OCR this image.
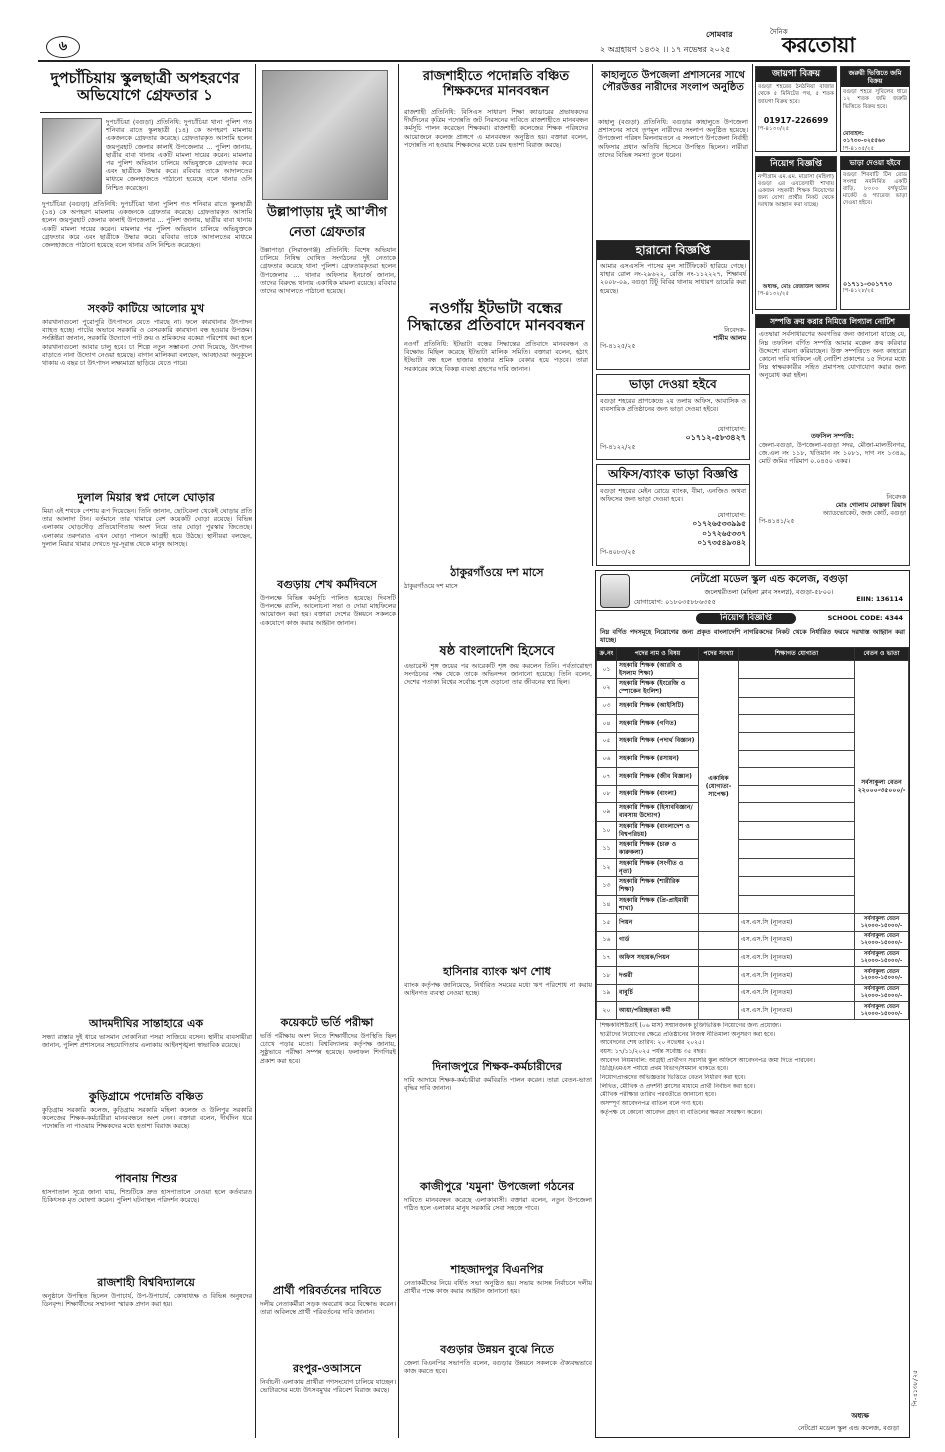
৬
সোমবার
২ অগ্রহায়ণ ১৪৩২ ।। ১৭ নভেম্বর ২০২৫
দৈনিক
করতোয়া
দুপচাঁচিয়ায় স্কুলছাত্রী অপহরণের অভিযোগে গ্রেফতার ১
দুপচাঁচিয়া (বগুড়া) প্রতিনিধি: দুপচাঁচিয়া থানা পুলিশ গত শনিবার রাতে স্কুলছাত্রী (১৪) কে অপহরণ মামলায় একজনকে গ্রেফতার করেছে। গ্রেফতারকৃত আসামি হলেন জয়পুরহাট জেলার কালাই উপজেলার ... পুলিশ জানায়, ছাত্রীর বাবা থানায় একটি মামলা দায়ের করেন। মামলার পর পুলিশ অভিযান চালিয়ে অভিযুক্তকে গ্রেফতার করে এবং ছাত্রীকে উদ্ধার করে। রবিবার তাকে আদালতের মাধ্যমে জেলহাজতে পাঠানো হয়েছে বলে থানার ওসি নিশ্চিত করেছেন।
দুপচাঁচিয়া (বগুড়া) প্রতিনিধি: দুপচাঁচিয়া থানা পুলিশ গত শনিবার রাতে স্কুলছাত্রী (১৪) কে অপহরণ মামলায় একজনকে গ্রেফতার করেছে। গ্রেফতারকৃত আসামি হলেন জয়পুরহাট জেলার কালাই উপজেলার ... পুলিশ জানায়, ছাত্রীর বাবা থানায় একটি মামলা দায়ের করেন। মামলার পর পুলিশ অভিযান চালিয়ে অভিযুক্তকে গ্রেফতার করে এবং ছাত্রীকে উদ্ধার করে। রবিবার তাকে আদালতের মাধ্যমে জেলহাজতে পাঠানো হয়েছে বলে থানার ওসি নিশ্চিত করেছেন।
সংকট কাটিয়ে আলোর মুখ
কারখানাগুলো পুরোপুরি উৎপাদনে যেতে পারছে না। ফলে কারখানার উৎপাদন ব্যাহত হচ্ছে। পাটের অভাবে সরকারি ও বেসরকারি কারখানা বন্ধ হওয়ার উপক্রম। সংশ্লিষ্টরা জানান, সরকারি উদ্যোগে পাট ক্রয় ও শ্রমিকদের বকেয়া পরিশোধ করা হলে কারখানাগুলো আবার চালু হবে। চা শিল্পে নতুন সম্ভাবনা দেখা দিয়েছে, উৎপাদন বাড়াতে নানা উদ্যোগ নেওয়া হয়েছে। বাগান মালিকরা বলছেন, আবহাওয়া অনুকূলে থাকায় এ বছর চা উৎপাদন লক্ষ্যমাত্রা ছাড়িয়ে যেতে পারে।
দুলাল মিয়ার স্বপ্ন দোলে ঘোড়ার
মিয়া এই শখকে পেশায় রূপ দিয়েছেন। তিনি জানান, ছোটবেলা থেকেই ঘোড়ার প্রতি তার আলাদা টান। বর্তমানে তার খামারে বেশ কয়েকটি ঘোড়া রয়েছে। বিভিন্ন এলাকায় ঘোড়দৌড় প্রতিযোগিতায় অংশ নিয়ে তার ঘোড়া পুরস্কার জিতেছে। এলাকার তরুণরাও এখন ঘোড়া পালনে আগ্রহী হয়ে উঠছে। স্থানীয়রা বলছেন, দুলাল মিয়ার খামার দেখতে দূর-দূরান্ত থেকে মানুষ আসছে।
আদমদীঘির সান্তাহারে এক
সন্ধ্যা রাস্তার দুই ধারে ভাসমান দোকানিরা পসরা সাজিয়ে বসেন। স্থানীয় ব্যবসায়ীরা জানান, পুলিশ প্রশাসনের সহযোগিতায় এলাকায় আইনশৃঙ্খলা স্বাভাবিক রয়েছে।
কুড়িগ্রামে পদোন্নতি বঞ্চিত
কুড়িগ্রাম সরকারি কলেজ, কুড়িগ্রাম সরকারি মহিলা কলেজ ও উলিপুর সরকারি কলেজের শিক্ষক-কর্মচারীরা মানববন্ধনে অংশ নেন। বক্তারা বলেন, দীর্ঘদিন ধরে পদোন্নতি না পাওয়ায় শিক্ষকদের মধ্যে হতাশা বিরাজ করছে।
পাবনায় শিশুর
হাসপাতাল সূত্রে জানা যায়, শিশুটিকে দ্রুত হাসপাতালে নেওয়া হলে কর্তব্যরত চিকিৎসক মৃত ঘোষণা করেন। পুলিশ ঘটনাস্থল পরিদর্শন করেছে।
রাজশাহী বিশ্ববিদ্যালয়ে
অনুষ্ঠানে উপস্থিত ছিলেন উপাচার্য, উপ-উপাচার্য, কোষাধ্যক্ষ ও বিভিন্ন অনুষদের ডিনবৃন্দ। শিক্ষার্থীদের সম্মাননা স্মারক প্রদান করা হয়।
উল্লাপাড়ায় দুই আ'লীগ
নেতা গ্রেফতার
উল্লাপাড়া (সিরাজগঞ্জ) প্রতিনিধি: বিশেষ অভিযান চালিয়ে নিষিদ্ধ ঘোষিত সংগঠনের দুই নেতাকে গ্রেফতার করেছে থানা পুলিশ। গ্রেফতারকৃতরা হলেন উপজেলার ... থানার অফিসার ইনচার্জ জানান, তাদের বিরুদ্ধে থানায় একাধিক মামলা রয়েছে। রবিবার তাদের আদালতে পাঠানো হয়েছে।
বগুড়ায় শেখ কর্মদিবসে
উপলক্ষে বিভিন্ন কর্মসূচি পালিত হয়েছে। দিবসটি উপলক্ষে র‍্যালি, আলোচনা সভা ও দোয়া মাহফিলের আয়োজন করা হয়। বক্তারা দেশের উন্নয়নে সকলকে একযোগে কাজ করার আহ্বান জানান।
কয়েকটে ভর্তি পরীক্ষা
ভর্তি পরীক্ষায় অংশ নিতে শিক্ষার্থীদের উপস্থিতি ছিল চোখে পড়ার মতো। বিশ্ববিদ্যালয় কর্তৃপক্ষ জানায়, সুষ্ঠুভাবে পরীক্ষা সম্পন্ন হয়েছে। ফলাফল শিগগিরই প্রকাশ করা হবে।
প্রার্থী পরিবর্তনের দাবিতে
দলীয় নেতাকর্মীরা সড়ক অবরোধ করে বিক্ষোভ করেন। তারা অবিলম্বে প্রার্থী পরিবর্তনের দাবি জানান।
রংপুর-ওআসনে
নির্বাচনী এলাকায় প্রার্থীরা গণসংযোগ চালিয়ে যাচ্ছেন। ভোটারদের মধ্যে উৎসবমুখর পরিবেশ বিরাজ করছে।
রাজশাহীতে পদোন্নতি বঞ্চিত শিক্ষকদের মানববন্ধন
রাজশাহী প্রতিনিধি: বিসিএস সাধারণ শিক্ষা ক্যাডারের প্রভাষকদের দীর্ঘদিনের কৃত্রিম পদোন্নতি জট নিরসনের দাবিতে রাজশাহীতে মানববন্ধন কর্মসূচি পালন করেছেন শিক্ষকরা। রাজশাহী কলেজের শিক্ষক পরিষদের আয়োজনে কলেজ প্রাঙ্গণে এ মানববন্ধন অনুষ্ঠিত হয়। বক্তারা বলেন, পদোন্নতি না হওয়ায় শিক্ষকদের মধ্যে চরম হতাশা বিরাজ করছে।
নওগাঁয় ইটভাটা বন্ধের সিদ্ধান্তের প্রতিবাদে মানববন্ধন
নওগাঁ প্রতিনিধি: ইটভাটা বন্ধের সিদ্ধান্তের প্রতিবাদে মানববন্ধন ও বিক্ষোভ মিছিল করেছে ইটভাটা মালিক সমিতি। বক্তারা বলেন, হঠাৎ ইটভাটা বন্ধ হলে হাজার হাজার শ্রমিক বেকার হয়ে পড়বে। তারা সরকারের কাছে বিকল্প ব্যবস্থা গ্রহণের দাবি জানান।
ঠাকুরগাঁওয়ে দশ মাসে
ঠাকুরগাঁওয়ে দশ মাসে
ষষ্ঠ বাংলাদেশি হিসেবে
এভারেস্ট শৃঙ্গ জয়ের পর আরেকটি শৃঙ্গ জয় করলেন তিনি। পর্বতারোহণ সংগঠনের পক্ষ থেকে তাকে অভিনন্দন জানানো হয়েছে। তিনি বলেন, দেশের পতাকা বিশ্বের সর্বোচ্চ শৃঙ্গে ওড়ানো তার জীবনের স্বপ্ন ছিল।
হাসিনার ব্যাংক ঋণ শোধ
ব্যাংক কর্তৃপক্ষ জানিয়েছে, নির্ধারিত সময়ের মধ্যে ঋণ পরিশোধ না করায় আইনগত ব্যবস্থা নেওয়া হচ্ছে।
দিনাজপুরে শিক্ষক-কর্মচারীদের
দাবি আদায়ে শিক্ষক-কর্মচারীরা কর্মবিরতি পালন করেন। তারা বেতন-ভাতা বৃদ্ধির দাবি জানান।
কাজীপুরে 'যমুনা' উপজেলা গঠনের
দাবিতে মানববন্ধন করেছে এলাকাবাসী। বক্তারা বলেন, নতুন উপজেলা গঠিত হলে এলাকার মানুষ সরকারি সেবা সহজে পাবে।
শাহজাদপুর বিএনপির
নেতাকর্মীদের নিয়ে বর্ধিত সভা অনুষ্ঠিত হয়। সভায় আসন্ন নির্বাচনে দলীয় প্রার্থীর পক্ষে কাজ করার আহ্বান জানানো হয়।
বগুড়ার উন্নয়ন বুঝে নিতে
জেলা বিএনপির সভাপতি বলেন, বগুড়ার উন্নয়নে সকলকে ঐক্যবদ্ধভাবে কাজ করতে হবে।
কাহালুতে উপজেলা প্রশাসনের সাথে পৌরউত্তর নারীদের সংলাপ অনুষ্ঠিত
কাহালু (বগুড়া) প্রতিনিধি: বগুড়ার কাহালুতে উপজেলা প্রশাসনের সাথে তৃণমূল নারীদের সংলাপ অনুষ্ঠিত হয়েছে। উপজেলা পরিষদ মিলনায়তনে এ সংলাপে উপজেলা নির্বাহী অফিসার প্রধান অতিথি হিসেবে উপস্থিত ছিলেন। নারীরা তাদের বিভিন্ন সমস্যা তুলে ধরেন।
হারানো বিজ্ঞপ্তি
আমার এসএসসি পাসের মূল সার্টিফিকেট হারিয়ে গেছে। যাহার রোল নং-২৯৬২২, রেজি নং-১১২২২৭, শিক্ষাবর্ষ ২০০৮-০৯, বগুড়া টিটু বিবির থানায় সাধারণ ডায়েরি করা হয়েছে।
নিবেদক-
শামীম আলম
পি-৪১২৫/২৫
ভাড়া দেওয়া হইবে
বগুড়া শহরের প্রাণকেন্দ্রে ২য় তলায় অফিস, আবাসিক ও ব্যবসায়িক প্রতিষ্ঠানের জন্য ভাড়া দেওয়া হইবে।
যোগাযোগ:
০১৭১২-৫৮৩৪২৭
পি-৪১২২/২৫
অফিস/ব্যাংক ভাড়া বিজ্ঞপ্তি
বগুড়া শহরের মেইন রোডে ব্যাংক, বীমা, এনজিও অথবা অফিসের জন্য ভাড়া দেওয়া হবে।
যোগাযোগ:
০১৭২৬৫৩৩৯৯৫
০১৭২৬৫৩৩৭
০১৭৩৫৪৯৩৪২
পি-৪০৮৩/২৫
জায়গা বিক্রয়
বগুড়া শহরের ঠনঠনিয়া বাজার থেকে ৫ মিনিটের পথ, ৫ শতক জায়গা বিক্রয় হবে।
01917-226699
পি-৪১৩০/২৫
জরুরী ভিত্তিতে জমি বিক্রয়
বগুড়া শহরে সুবিলের ধারে ১২ শতক জমি জরুরি ভিত্তিতে বিক্রয় হবে।
মোবাইল: ০১৭৩০-০২৫৫৬০
পি-৪১৩৫/২৫
নিয়োগ বিজ্ঞপ্তি
নন্দীগ্রাম এম.এম. মাদ্রাসা (মহিলা) বগুড়া এর এবতেদায়ী শাখায় একজন সহকারী শিক্ষক নিয়োগের জন্য যোগ্য প্রার্থীর নিকট থেকে দরখাস্ত আহ্বান করা যাচ্ছে।
অধ্যক্ষ, মোঃ রেজাউল আলম
পি-৪১৩২/২৫
ভাড়া দেওয়া হইবে
বগুড়া শিববাটি টিন রোড সংলগ্ন নবনির্মিত একটি বাড়ি, ৮০০০ বর্গফুটের মার্কেট ও গ্যারেজ ভাড়া দেওয়া হইবে।
০১৭১১-৩০১৭৭৩
পি-৪১২৮/২৫
সম্পত্তি ক্রয় করার নিমিত্তে লিগ্যাল নোটিশ
এতদ্বারা সর্বসাধারণের অবগতির জন্য জানানো যাচ্ছে যে, নিম্ন তফসিল বর্ণিত সম্পত্তি আমার মক্কেল ক্রয় করিবার উদ্দেশ্যে বায়না করিয়াছেন। উক্ত সম্পত্তিতে অন্য কাহারো কোনো দাবি থাকিলে এই নোটিশ প্রকাশের ১৫ দিনের মধ্যে নিম্ন স্বাক্ষরকারীর সহিত প্রমাণসহ যোগাযোগ করার জন্য অনুরোধ করা হইল।
তফসিল সম্পত্তি:
জেলা-বগুড়া, উপজেলা-বগুড়া সদর, মৌজা-মালতীনগর, জে.এল নং ১১৮, খতিয়ান নং ১০৮১, দাগ নং ১৩৪৯, মোট জমির পরিমাণ ০.০৪৫০ একর।
নিবেদক
মোঃ গোলাম মোস্তফা রিয়াদ
অ্যাডভোকেট, জজ কোর্ট, বগুড়া
পি-৪১৪১/২৫
নেটপ্রো মডেল স্কুল এন্ড কলেজ, বগুড়া
জলেশ্বরীতলা (মহিলা ক্লাব সংলগ্ন), বগুড়া-৫৮০০।
যোগাযোগ: ০১৮০৩৫৮৮৬৩৫৫	EIIN: 136114
নিয়োগ বিজ্ঞপ্তি	SCHOOL CODE: 4344
নিম্ন বর্ণিত পদসমূহে নিয়োগের জন্য প্রকৃত বাংলাদেশি নাগরিকদের নিকট থেকে নির্ধারিত ফরমে দরখাস্ত আহ্বান করা যাচ্ছে।
ক্র.নং	পদের নাম ও বিষয়	পদের সংখ্যা	শিক্ষাগত যোগ্যতা	বেতন ও ভাতা
০১	সহকারি শিক্ষক (আরবি ও ইসলাম শিক্ষা)	একাধিক (যোগ্যতা-সাপেক্ষ)		সর্বসাকুল্য বেতন ২২০০০-৩৫০০০/-
০২	সহকারি শিক্ষক (ইংরেজি ও স্পোকেন ইংলিশ)			
০৩	সহকারি শিক্ষক (আইসিটি)			
০৪	সহকারি শিক্ষক (গণিত)			
০৫	সহকারি শিক্ষক (পদার্থ বিজ্ঞান)			
০৬	সহকারি শিক্ষক (রসায়ন)			
০৭	সহকারি শিক্ষক (জীব বিজ্ঞান)			
০৮	সহকারি শিক্ষক (বাংলা)			
০৯	সহকারি শিক্ষক (হিসাববিজ্ঞান/ ব্যবসায় উদ্যোগ)			
১০	সহকারি শিক্ষক (বাংলাদেশ ও বিশ্বপরিচয়)			
১১	সহকারি শিক্ষক (চারু ও কারুকলা)			
১২	সহকারি শিক্ষক (সংগীত ও নৃত্য)			
১৩	সহকারি শিক্ষক (শারীরিক শিক্ষা)			
১৪	সহকারি শিক্ষক (প্রি-প্রাইমারী শাখা)			
১৫	পিয়ন		এস.এস.সি (ন্যূনতম)	সর্বসাকুল্য বেতন ১২০০০-১৫০০০/-
১৬	গার্ড		এস.এস.সি (ন্যূনতম)	সর্বসাকুল্য বেতন ১২০০০-১৫০০০/-
১৭	অফিস সহায়ক/পিয়ন		এস.এস.সি (ন্যূনতম)	সর্বসাকুল্য বেতন ১২০০০-১৫০০০/-
১৮	দপ্তরী		এস.এস.সি (ন্যূনতম)	সর্বসাকুল্য বেতন ১২০০০-১৫০০০/-
১৯	বাবুর্চি		এস.এস.সি (ন্যূনতম)	সর্বসাকুল্য বেতন ১২০০০-১৫০০০/-
২০	আয়া/পরিচ্ছন্নতা কর্মী		এস.এস.সি (ন্যূনতম)	সর্বসাকুল্য বেতন ১২০০০-১৫০০০/-
শিক্ষকবিশিষ্টতাই (০৬ মাস) সম্মানজনক চুক্তিভিত্তিক নিয়োগের জন্য প্রযোজ্য।
ছাত্রীদের নিয়োগের ক্ষেত্রে প্রতিষ্ঠানের নিজস্ব নীতিমালা অনুসরণ করা হবে।
আবেদনের শেষ তারিখ: ২০ নভেম্বর ২০২৫।
বয়স: ১৭/১১/২০২৫ পর্যন্ত সর্বোচ্চ ৩৫ বছর।
আবেদন নিয়মাবলি: আগ্রহী প্রার্থীগণ সরাসরি স্কুল অফিসে আবেদনপত্র জমা দিতে পারবেন।
ডিগ্রি/এমএস পর্যায়ে প্রথম বিভাগ/সমমান থাকতে হবে।
নিয়োগপ্রাপ্তদের অভিজ্ঞতার ভিত্তিতে বেতন নির্ধারণ করা হবে।
লিখিত, মৌখিক ও প্রদর্শনী ক্লাসের মাধ্যমে প্রার্থী নির্বাচন করা হবে।
মৌখিক পরীক্ষার তারিখ পরবর্তীতে জানানো হবে।
অসম্পূর্ণ আবেদনপত্র বাতিল বলে গণ্য হবে।
কর্তৃপক্ষ যে কোনো আবেদন গ্রহণ বা বাতিলের ক্ষমতা সংরক্ষণ করেন।
অধ্যক্ষ
নেটপ্রো মডেল স্কুল এন্ড কলেজ, বগুড়া
পি-৪১৩৮/২৫
